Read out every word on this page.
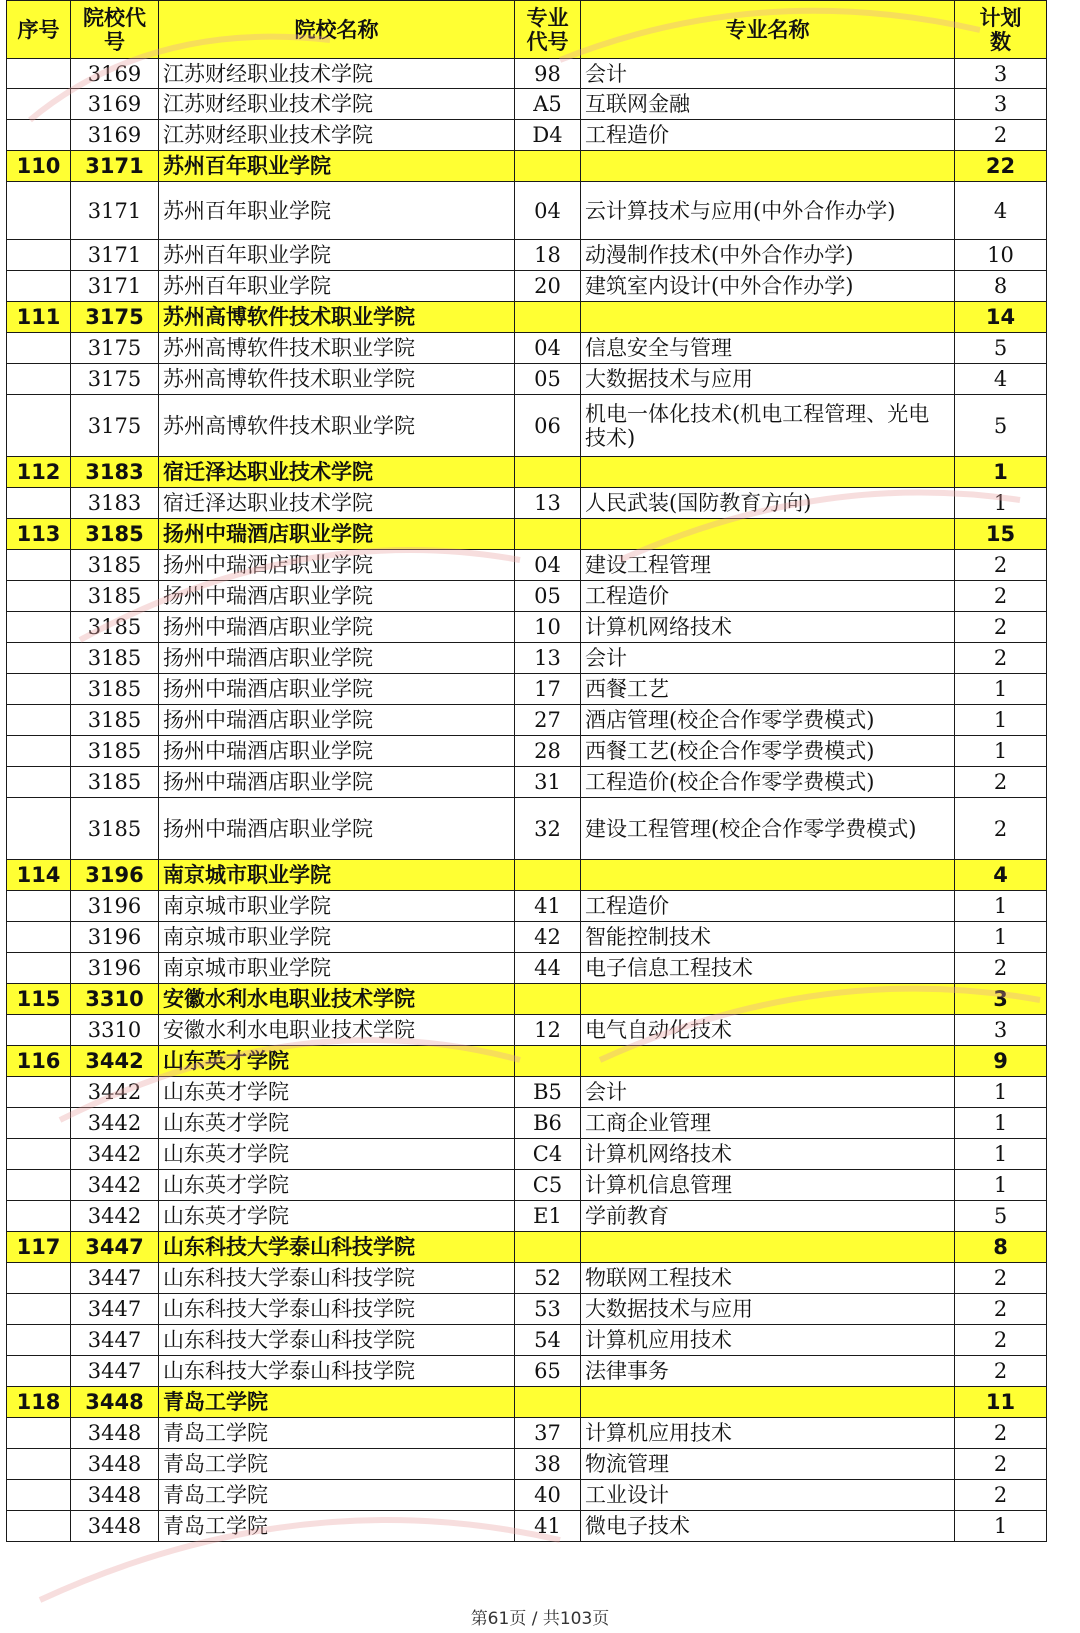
序号	院校代号	院校名称	专业代号	专业名称	计划数

	3169	江苏财经职业技术学院	98	会计	3
	3169	江苏财经职业技术学院	A5	互联网金融	3
	3169	江苏财经职业技术学院	D4	工程造价	2
110	3171	苏州百年职业学院			22
	3171	苏州百年职业学院	04	云计算技术与应用(中外合作办学)	4
	3171	苏州百年职业学院	18	动漫制作技术(中外合作办学)	10
	3171	苏州百年职业学院	20	建筑室内设计(中外合作办学)	8
111	3175	苏州高博软件技术职业学院			14
	3175	苏州高博软件技术职业学院	04	信息安全与管理	5
	3175	苏州高博软件技术职业学院	05	大数据技术与应用	4
	3175	苏州高博软件技术职业学院	06	机电一体化技术(机电工程管理、光电技术)	5
112	3183	宿迁泽达职业技术学院			1
	3183	宿迁泽达职业技术学院	13	人民武装(国防教育方向)	1
113	3185	扬州中瑞酒店职业学院			15
	3185	扬州中瑞酒店职业学院	04	建设工程管理	2
	3185	扬州中瑞酒店职业学院	05	工程造价	2
	3185	扬州中瑞酒店职业学院	10	计算机网络技术	2
	3185	扬州中瑞酒店职业学院	13	会计	2
	3185	扬州中瑞酒店职业学院	17	西餐工艺	1
	3185	扬州中瑞酒店职业学院	27	酒店管理(校企合作零学费模式)	1
	3185	扬州中瑞酒店职业学院	28	西餐工艺(校企合作零学费模式)	1
	3185	扬州中瑞酒店职业学院	31	工程造价(校企合作零学费模式)	2
	3185	扬州中瑞酒店职业学院	32	建设工程管理(校企合作零学费模式)	2
114	3196	南京城市职业学院			4
	3196	南京城市职业学院	41	工程造价	1
	3196	南京城市职业学院	42	智能控制技术	1
	3196	南京城市职业学院	44	电子信息工程技术	2
115	3310	安徽水利水电职业技术学院			3
	3310	安徽水利水电职业技术学院	12	电气自动化技术	3
116	3442	山东英才学院			9
	3442	山东英才学院	B5	会计	1
	3442	山东英才学院	B6	工商企业管理	1
	3442	山东英才学院	C4	计算机网络技术	1
	3442	山东英才学院	C5	计算机信息管理	1
	3442	山东英才学院	E1	学前教育	5
117	3447	山东科技大学泰山科技学院			8
	3447	山东科技大学泰山科技学院	52	物联网工程技术	2
	3447	山东科技大学泰山科技学院	53	大数据技术与应用	2
	3447	山东科技大学泰山科技学院	54	计算机应用技术	2
	3447	山东科技大学泰山科技学院	65	法律事务	2
118	3448	青岛工学院			11
	3448	青岛工学院	37	计算机应用技术	2
	3448	青岛工学院	38	物流管理	2
	3448	青岛工学院	40	工业设计	2
	3448	青岛工学院	41	微电子技术	1
第61页 / 共103页
